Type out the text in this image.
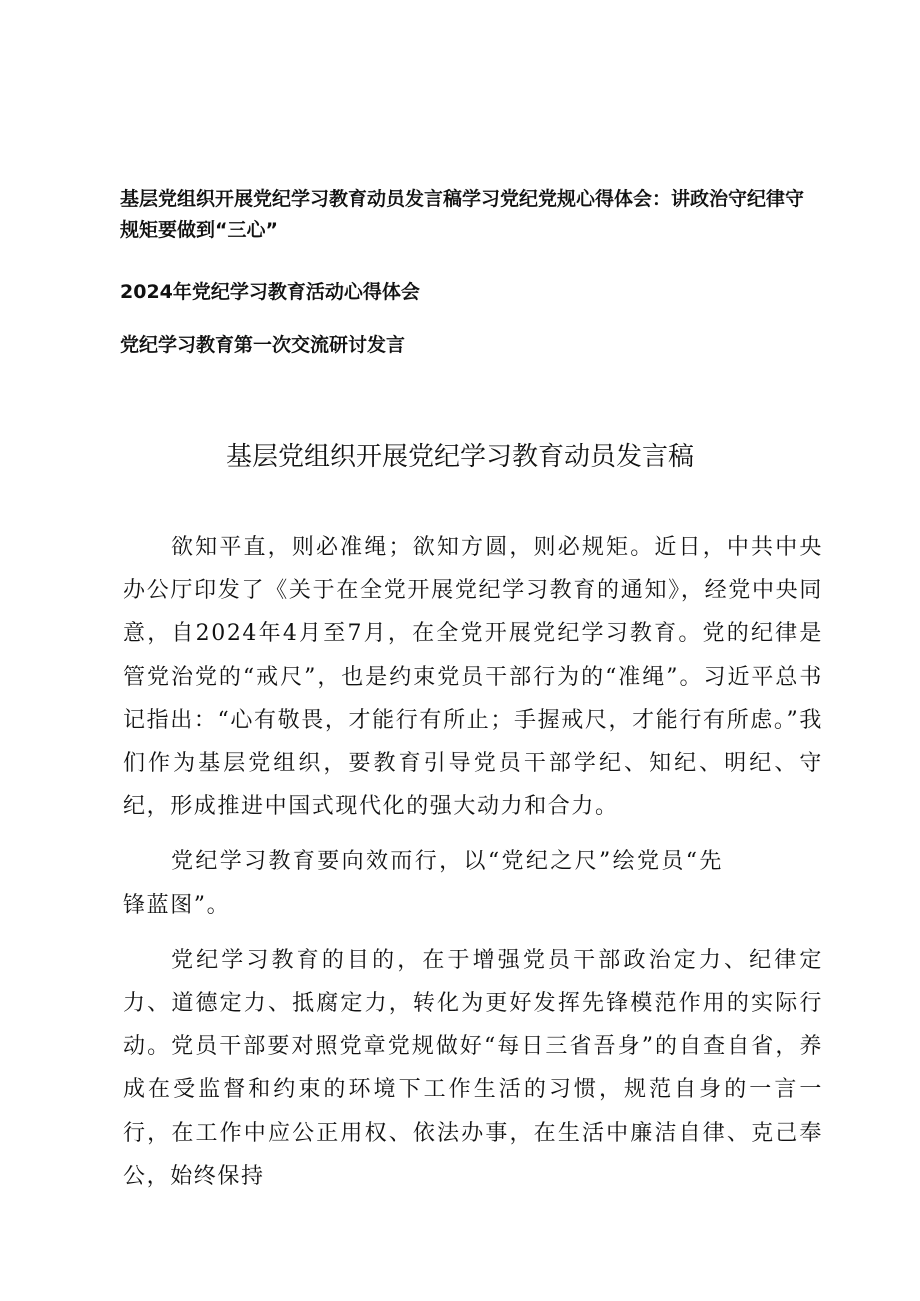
基层党组织开展党纪学习教育动员发言稿学习党纪党规心得体会：讲政治守纪律守规矩要做到“三心”
2024年党纪学习教育活动心得体会
党纪学习教育第一次交流研讨发言
基层党组织开展党纪学习教育动员发言稿

欲知平直，则必准绳；欲知方圆，则必规矩。近日，中共中央办公厅印发了《关于在全党开展党纪学习教育的通知》，经党中央同意，自2024年4月至7月，在全党开展党纪学习教育。党的纪律是管党治党的“戒尺”，也是约束党员干部行为的“准绳”。习近平总书记指出：“心有敬畏，才能行有所止；手握戒尺，才能行有所虑。”我们作为基层党组织，要教育引导党员干部学纪、知纪、明纪、守纪，形成推进中国式现代化的强大动力和合力。

党纪学习教育要向效而行，以“党纪之尺”绘党员“先锋蓝图”。

党纪学习教育的目的，在于增强党员干部政治定力、纪律定力、道德定力、抵腐定力，转化为更好发挥先锋模范作用的实际行动。党员干部要对照党章党规做好“每日三省吾身”的自查自省，养成在受监督和约束的环境下工作生活的习惯，规范自身的一言一行，在工作中应公正用权、依法办事，在生活中廉洁自律、克己奉公，始终保持
